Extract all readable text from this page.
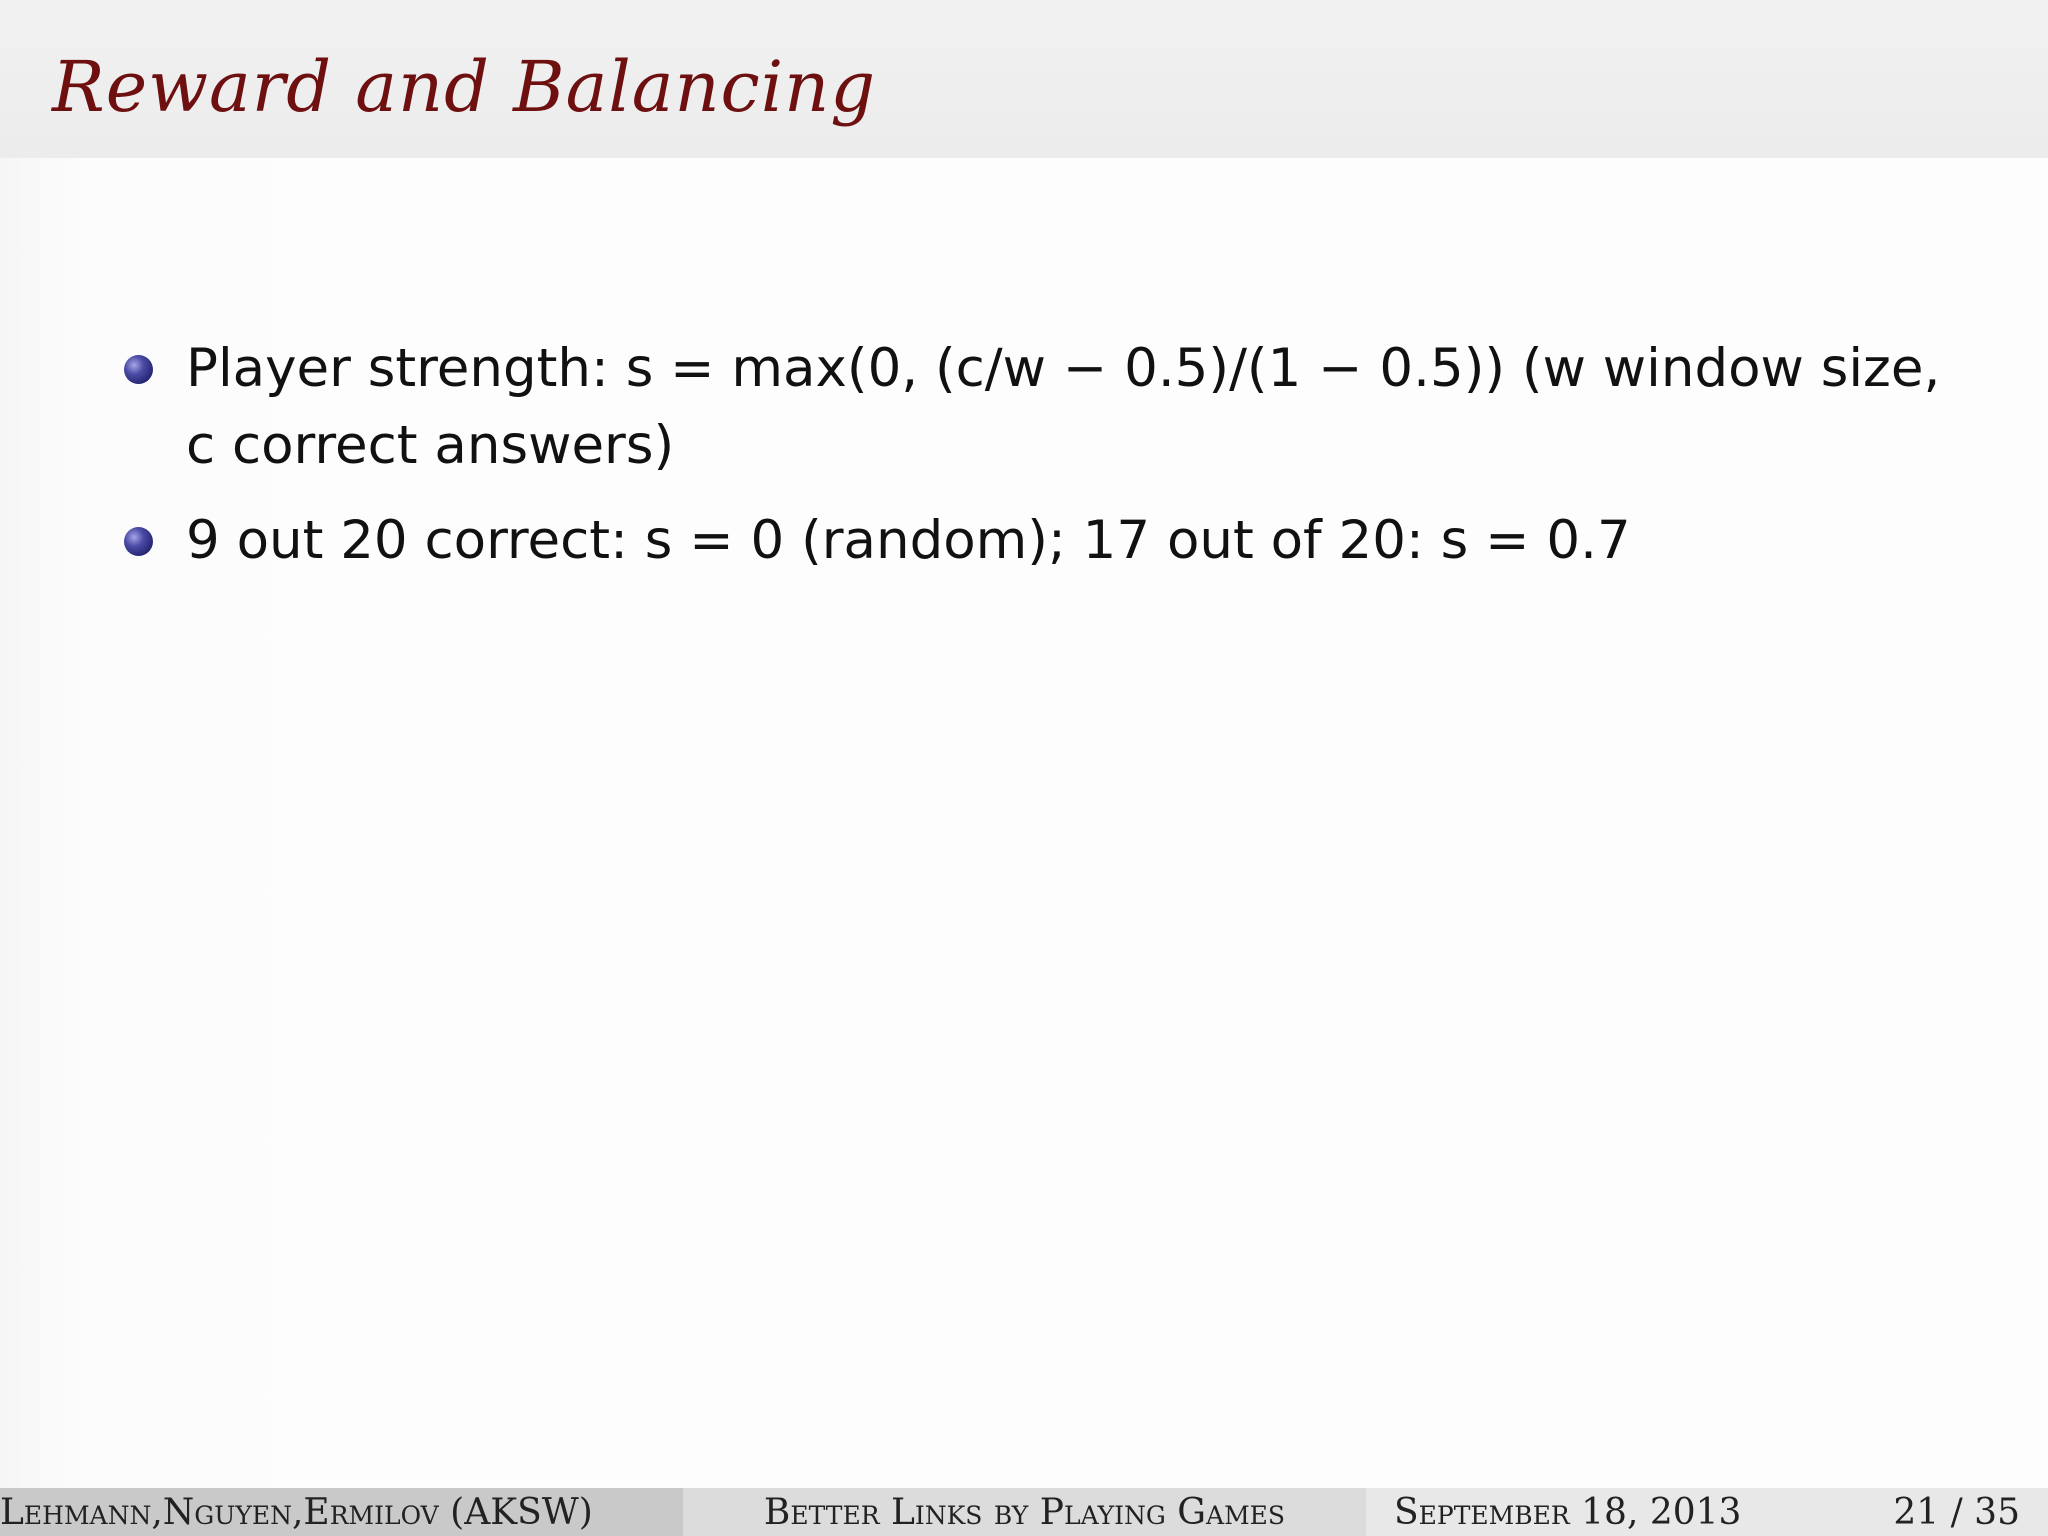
Reward and Balancing
Player strength: s = max(0, (c/w − 0.5)/(1 − 0.5)) (w window size, c correct answers)
9 out 20 correct: s = 0 (random); 17 out of 20: s = 0.7
Lehmann,Nguyen,Ermilov (AKSW)	Better Links by Playing Games	September 18, 2013	21 / 35
